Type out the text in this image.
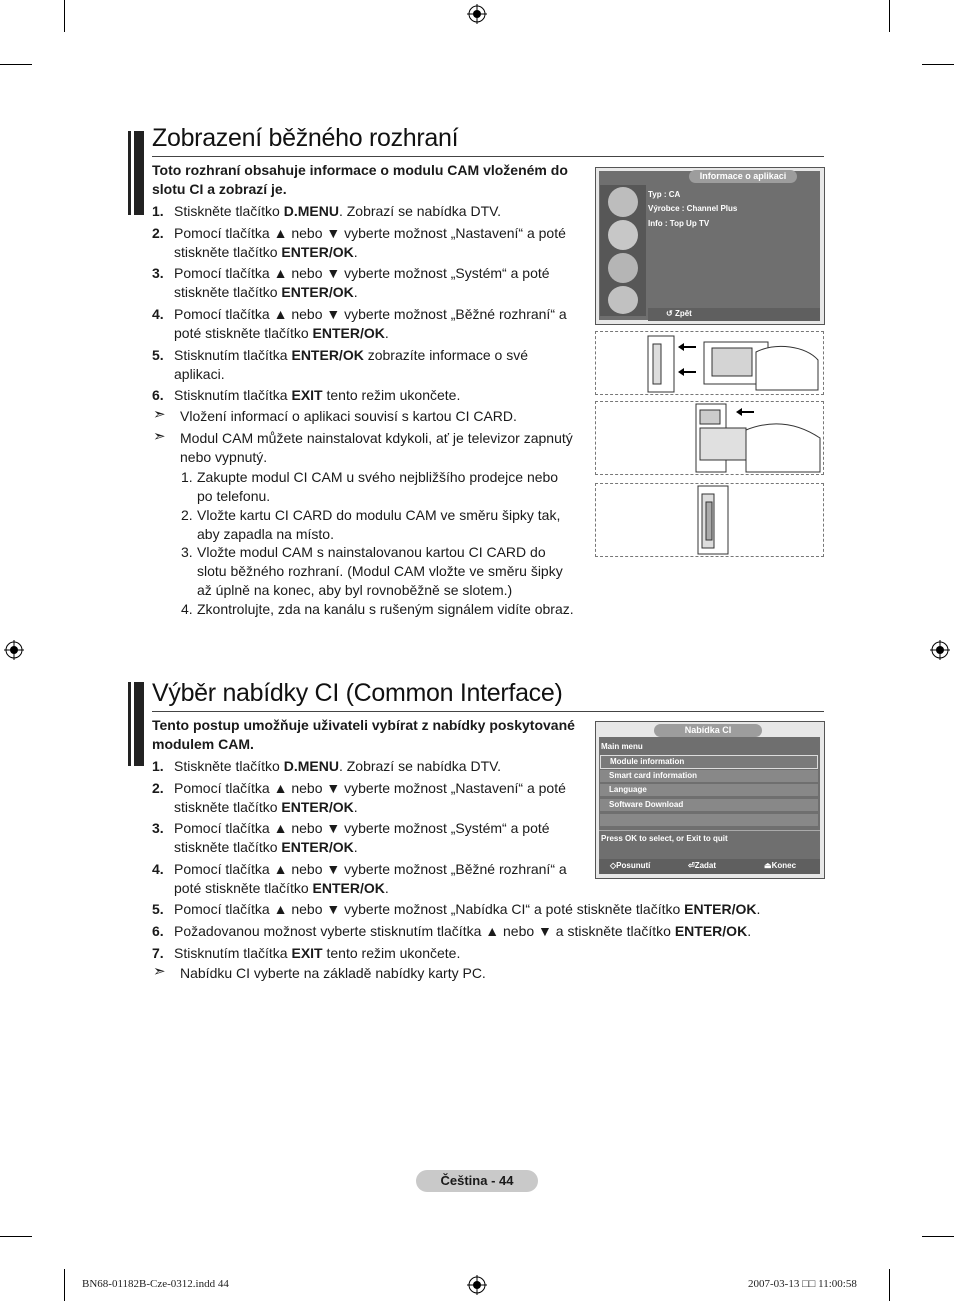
Zobrazení běžného rozhraní
Toto rozhraní obsahuje informace o modulu CAM vloženém do slotu CI a zobrazí je.
1. Stiskněte tlačítko D.MENU. Zobrazí se nabídka DTV.
2. Pomocí tlačítka ▲ nebo ▼ vyberte možnost „Nastavení“ a poté
stiskněte tlačítko ENTER/OK.
3. Pomocí tlačítka ▲ nebo ▼ vyberte možnost „Systém“ a poté
stiskněte tlačítko ENTER/OK.
4. Pomocí tlačítka ▲ nebo ▼ vyberte možnost „Běžné rozhraní“ a
poté stiskněte tlačítko ENTER/OK.
5. Stisknutím tlačítka ENTER/OK zobrazíte informace o své
aplikaci.
6. Stisknutím tlačítka EXIT tento režim ukončete.
➣ Vložení informací o aplikaci souvisí s kartou CI CARD.
➣ Modul CAM můžete nainstalovat kdykoli, ať je televizor zapnutý
nebo vypnutý.
1. Zakupte modul CI CAM u svého nejbližšího prodejce nebo
po telefonu.
2. Vložte kartu CI CARD do modulu CAM ve směru šipky tak,
aby zapadla na místo.
3. Vložte modul CAM s nainstalovanou kartou CI CARD do
slotu běžného rozhraní. (Modul CAM vložte ve směru šipky
až úplně na konec, aby byl rovnoběžně se slotem.)
4. Zkontrolujte, zda na kanálu s rušeným signálem vidíte obraz.
Informace o aplikaci
Typ : CA
Výrobce : Channel Plus
Info : Top Up TV
↺ Zpět
Výběr nabídky CI (Common Interface)
Tento postup umožňuje uživateli vybírat z nabídky poskytované
modulem CAM.
1. Stiskněte tlačítko D.MENU. Zobrazí se nabídka DTV.
2. Pomocí tlačítka ▲ nebo ▼ vyberte možnost „Nastavení“ a poté
stiskněte tlačítko ENTER/OK.
3. Pomocí tlačítka ▲ nebo ▼ vyberte možnost „Systém“ a poté
stiskněte tlačítko ENTER/OK.
4. Pomocí tlačítka ▲ nebo ▼ vyberte možnost „Běžné rozhraní“ a
poté stiskněte tlačítko ENTER/OK.
5. Pomocí tlačítka ▲ nebo ▼ vyberte možnost „Nabídka CI“ a poté stiskněte tlačítko ENTER/OK.
6. Požadovanou možnost vyberte stisknutím tlačítka ▲ nebo ▼ a stiskněte tlačítko ENTER/OK.
7. Stisknutím tlačítka EXIT tento režim ukončete.
➣ Nabídku CI vyberte na základě nabídky karty PC.
Nabídka CI
Main menu
Module information
Smart card information
Language
Software Download
Press OK to select, or Exit to quit
◇Posunutí	⏎Zadat	⏏Konec
Čeština - 44
BN68-01182B-Cze-0312.indd 44	2007-03-13 □□ 11:00:58
